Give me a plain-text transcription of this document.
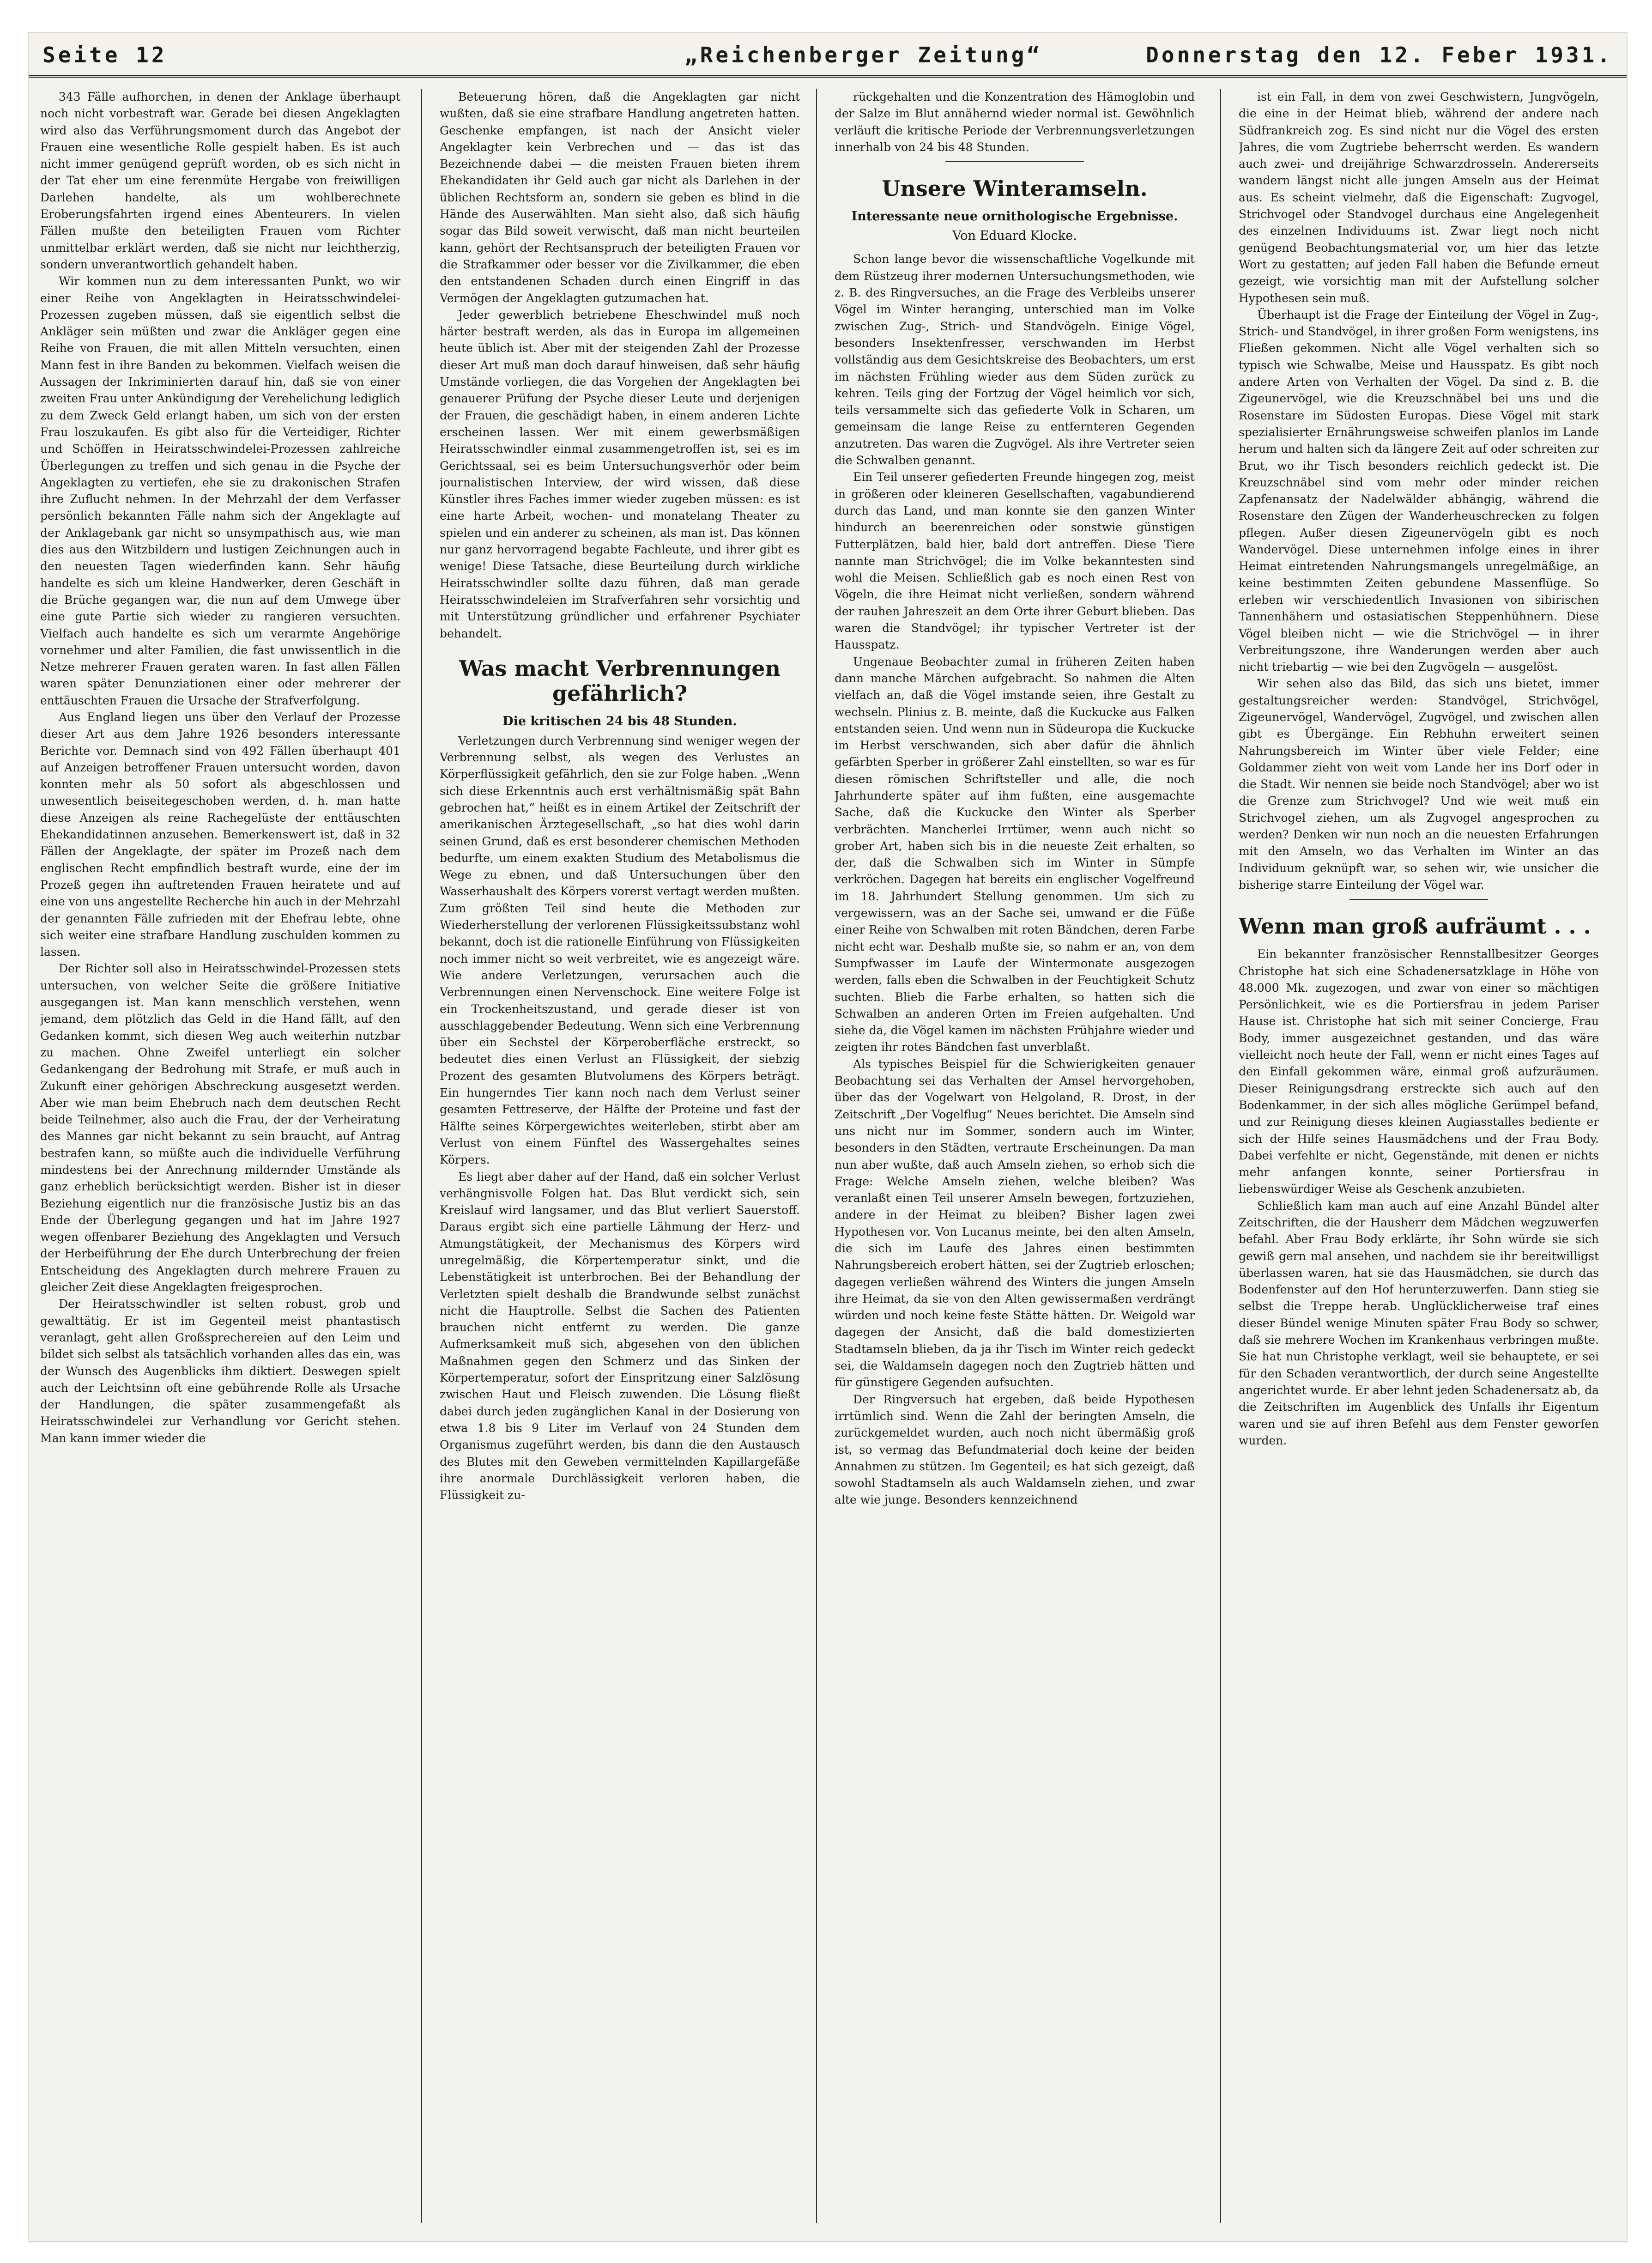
Seite 12	„Reichenberger Zeitung“	Donnerstag den 12. Feber 1931.

343 Fälle aufhorchen, in denen der Anklage überhaupt noch nicht vorbestraft war. Gerade bei diesen Angeklagten wird also das Verführungsmoment durch das Angebot der Frauen eine wesentliche Rolle gespielt haben. Es ist auch nicht immer genügend geprüft worden, ob es sich nicht in der Tat eher um eine ferenmüte Hergabe von freiwilligen Darlehen handelte, als um wohlberechnete Eroberungsfahrten irgend eines Abenteurers. In vielen Fällen mußte den beteiligten Frauen vom Richter unmittelbar erklärt werden, daß sie nicht nur leichtherzig, sondern unverantwortlich gehandelt haben.

Wir kommen nun zu dem interessanten Punkt, wo wir einer Reihe von Angeklagten in Heiratsschwindelei-Prozessen zugeben müssen, daß sie eigentlich selbst die Ankläger sein müßten und zwar die Ankläger gegen eine Reihe von Frauen, die mit allen Mitteln versuchten, einen Mann fest in ihre Banden zu bekommen. Vielfach weisen die Aussagen der Inkriminierten darauf hin, daß sie von einer zweiten Frau unter Ankündigung der Verehelichung lediglich zu dem Zweck Geld erlangt haben, um sich von der ersten Frau loszukaufen. Es gibt also für die Verteidiger, Richter und Schöffen in Heiratsschwindelei-Prozessen zahlreiche Überlegungen zu treffen und sich genau in die Psyche der Angeklagten zu vertiefen, ehe sie zu drakonischen Strafen ihre Zuflucht nehmen. In der Mehrzahl der dem Verfasser persönlich bekannten Fälle nahm sich der Angeklagte auf der Anklagebank gar nicht so unsympathisch aus, wie man dies aus den Witzbildern und lustigen Zeichnungen auch in den neuesten Tagen wiederfinden kann. Sehr häufig handelte es sich um kleine Handwerker, deren Geschäft in die Brüche gegangen war, die nun auf dem Umwege über eine gute Partie sich wieder zu rangieren versuchten. Vielfach auch handelte es sich um verarmte Angehörige vornehmer und alter Familien, die fast unwissentlich in die Netze mehrerer Frauen geraten waren. In fast allen Fällen waren später Denunziationen einer oder mehrerer der enttäuschten Frauen die Ursache der Strafverfolgung.

Aus England liegen uns über den Verlauf der Prozesse dieser Art aus dem Jahre 1926 besonders interessante Berichte vor. Demnach sind von 492 Fällen überhaupt 401 auf Anzeigen betroffener Frauen untersucht worden, davon konnten mehr als 50 sofort als abgeschlossen und unwesentlich beiseitegeschoben werden, d. h. man hatte diese Anzeigen als reine Rachegelüste der enttäuschten Ehekandidatinnen anzusehen. Bemerkenswert ist, daß in 32 Fällen der Angeklagte, der später im Prozeß nach dem englischen Recht empfindlich bestraft wurde, eine der im Prozeß gegen ihn auftretenden Frauen heiratete und auf eine von uns angestellte Recherche hin auch in der Mehrzahl der genannten Fälle zufrieden mit der Ehefrau lebte, ohne sich weiter eine strafbare Handlung zuschulden kommen zu lassen.

Der Richter soll also in Heiratsschwindel-Prozessen stets untersuchen, von welcher Seite die größere Initiative ausgegangen ist. Man kann menschlich verstehen, wenn jemand, dem plötzlich das Geld in die Hand fällt, auf den Gedanken kommt, sich diesen Weg auch weiterhin nutzbar zu machen. Ohne Zweifel unterliegt ein solcher Gedankengang der Bedrohung mit Strafe, er muß auch in Zukunft einer gehörigen Abschreckung ausgesetzt werden. Aber wie man beim Ehebruch nach dem deutschen Recht beide Teilnehmer, also auch die Frau, der der Verheiratung des Mannes gar nicht bekannt zu sein braucht, auf Antrag bestrafen kann, so müßte auch die individuelle Verführung mindestens bei der Anrechnung mildernder Umstände als ganz erheblich berücksichtigt werden. Bisher ist in dieser Beziehung eigentlich nur die französische Justiz bis an das Ende der Überlegung gegangen und hat im Jahre 1927 wegen offenbarer Beziehung des Angeklagten und Versuch der Herbeiführung der Ehe durch Unterbrechung der freien Entscheidung des Angeklagten durch mehrere Frauen zu gleicher Zeit diese Angeklagten freigesprochen.

Der Heiratsschwindler ist selten robust, grob und gewalttätig. Er ist im Gegenteil meist phantastisch veranlagt, geht allen Großsprechereien auf den Leim und bildet sich selbst als tatsächlich vorhanden alles das ein, was der Wunsch des Augenblicks ihm diktiert. Deswegen spielt auch der Leichtsinn oft eine gebührende Rolle als Ursache der Handlungen, die später zusammengefaßt als Heiratsschwindelei zur Verhandlung vor Gericht stehen. Man kann immer wieder die

Beteuerung hören, daß die Angeklagten gar nicht wußten, daß sie eine strafbare Handlung angetreten hatten. Geschenke empfangen, ist nach der Ansicht vieler Angeklagter kein Verbrechen und — das ist das Bezeichnende dabei — die meisten Frauen bieten ihrem Ehekandidaten ihr Geld auch gar nicht als Darlehen in der üblichen Rechtsform an, sondern sie geben es blind in die Hände des Auserwählten. Man sieht also, daß sich häufig sogar das Bild soweit verwischt, daß man nicht beurteilen kann, gehört der Rechtsanspruch der beteiligten Frauen vor die Strafkammer oder besser vor die Zivilkammer, die eben den entstandenen Schaden durch einen Eingriff in das Vermögen der Angeklagten gutzumachen hat.

Jeder gewerblich betriebene Eheschwindel muß noch härter bestraft werden, als das in Europa im allgemeinen heute üblich ist. Aber mit der steigenden Zahl der Prozesse dieser Art muß man doch darauf hinweisen, daß sehr häufig Umstände vorliegen, die das Vorgehen der Angeklagten bei genauerer Prüfung der Psyche dieser Leute und derjenigen der Frauen, die geschädigt haben, in einem anderen Lichte erscheinen lassen. Wer mit einem gewerbsmäßigen Heiratsschwindler einmal zusammengetroffen ist, sei es im Gerichtssaal, sei es beim Untersuchungsverhör oder beim journalistischen Interview, der wird wissen, daß diese Künstler ihres Faches immer wieder zugeben müssen: es ist eine harte Arbeit, wochen- und monatelang Theater zu spielen und ein anderer zu scheinen, als man ist. Das können nur ganz hervorragend begabte Fachleute, und ihrer gibt es wenige! Diese Tatsache, diese Beurteilung durch wirkliche Heiratsschwindler sollte dazu führen, daß man gerade Heiratsschwindeleien im Strafverfahren sehr vorsichtig und mit Unterstützung gründlicher und erfahrener Psychiater behandelt.

Was macht Verbrennungen gefährlich?
Die kritischen 24 bis 48 Stunden.

Verletzungen durch Verbrennung sind weniger wegen der Verbrennung selbst, als wegen des Verlustes an Körperflüssigkeit gefährlich, den sie zur Folge haben. „Wenn sich diese Erkenntnis auch erst verhältnismäßig spät Bahn gebrochen hat,“ heißt es in einem Artikel der Zeitschrift der amerikanischen Ärztegesellschaft, „so hat dies wohl darin seinen Grund, daß es erst besonderer chemischen Methoden bedurfte, um einem exakten Studium des Metabolismus die Wege zu ebnen, und daß Untersuchungen über den Wasserhaushalt des Körpers vorerst vertagt werden mußten. Zum größten Teil sind heute die Methoden zur Wiederherstellung der verlorenen Flüssigkeitssubstanz wohl bekannt, doch ist die rationelle Einführung von Flüssigkeiten noch immer nicht so weit verbreitet, wie es angezeigt wäre. Wie andere Verletzungen, verursachen auch die Verbrennungen einen Nervenschock. Eine weitere Folge ist ein Trockenheitszustand, und gerade dieser ist von ausschlaggebender Bedeutung. Wenn sich eine Verbrennung über ein Sechstel der Körperoberfläche erstreckt, so bedeutet dies einen Verlust an Flüssigkeit, der siebzig Prozent des gesamten Blutvolumens des Körpers beträgt. Ein hungerndes Tier kann noch nach dem Verlust seiner gesamten Fettreserve, der Hälfte der Proteine und fast der Hälfte seines Körpergewichtes weiterleben, stirbt aber am Verlust von einem Fünftel des Wassergehaltes seines Körpers.

Es liegt aber daher auf der Hand, daß ein solcher Verlust verhängnisvolle Folgen hat. Das Blut verdickt sich, sein Kreislauf wird langsamer, und das Blut verliert Sauerstoff. Daraus ergibt sich eine partielle Lähmung der Herz- und Atmungstätigkeit, der Mechanismus des Körpers wird unregelmäßig, die Körpertemperatur sinkt, und die Lebenstätigkeit ist unterbrochen. Bei der Behandlung der Verletzten spielt deshalb die Brandwunde selbst zunächst nicht die Hauptrolle. Selbst die Sachen des Patienten brauchen nicht entfernt zu werden. Die ganze Aufmerksamkeit muß sich, abgesehen von den üblichen Maßnahmen gegen den Schmerz und das Sinken der Körpertemperatur, sofort der Einspritzung einer Salzlösung zwischen Haut und Fleisch zuwenden. Die Lösung fließt dabei durch jeden zugänglichen Kanal in der Dosierung von etwa 1.8 bis 9 Liter im Verlauf von 24 Stunden dem Organismus zugeführt werden, bis dann die den Austausch des Blutes mit den Geweben vermittelnden Kapillargefäße ihre anormale Durchlässigkeit verloren haben, die Flüssigkeit zu-

rückgehalten und die Konzentration des Hämoglobin und der Salze im Blut annähernd wieder normal ist. Gewöhnlich verläuft die kritische Periode der Verbrennungsverletzungen innerhalb von 24 bis 48 Stunden.

Unsere Winteramseln.
Interessante neue ornithologische Ergebnisse.
Von Eduard Klocke.

Schon lange bevor die wissenschaftliche Vogelkunde mit dem Rüstzeug ihrer modernen Untersuchungsmethoden, wie z. B. des Ringversuches, an die Frage des Verbleibs unserer Vögel im Winter heranging, unterschied man im Volke zwischen Zug-, Strich- und Standvögeln. Einige Vögel, besonders Insektenfresser, verschwanden im Herbst vollständig aus dem Gesichtskreise des Beobachters, um erst im nächsten Frühling wieder aus dem Süden zurück zu kehren. Teils ging der Fortzug der Vögel heimlich vor sich, teils versammelte sich das gefiederte Volk in Scharen, um gemeinsam die lange Reise zu entfernteren Gegenden anzutreten. Das waren die Zugvögel. Als ihre Vertreter seien die Schwalben genannt.

Ein Teil unserer gefiederten Freunde hingegen zog, meist in größeren oder kleineren Gesellschaften, vagabundierend durch das Land, und man konnte sie den ganzen Winter hindurch an beerenreichen oder sonstwie günstigen Futterplätzen, bald hier, bald dort antreffen. Diese Tiere nannte man Strichvögel; die im Volke bekanntesten sind wohl die Meisen. Schließlich gab es noch einen Rest von Vögeln, die ihre Heimat nicht verließen, sondern während der rauhen Jahreszeit an dem Orte ihrer Geburt blieben. Das waren die Standvögel; ihr typischer Vertreter ist der Hausspatz.

Ungenaue Beobachter zumal in früheren Zeiten haben dann manche Märchen aufgebracht. So nahmen die Alten vielfach an, daß die Vögel imstande seien, ihre Gestalt zu wechseln. Plinius z. B. meinte, daß die Kuckucke aus Falken entstanden seien. Und wenn nun in Südeuropa die Kuckucke im Herbst verschwanden, sich aber dafür die ähnlich gefärbten Sperber in größerer Zahl einstellten, so war es für diesen römischen Schriftsteller und alle, die noch Jahrhunderte später auf ihm fußten, eine ausgemachte Sache, daß die Kuckucke den Winter als Sperber verbrächten. Mancherlei Irrtümer, wenn auch nicht so grober Art, haben sich bis in die neueste Zeit erhalten, so der, daß die Schwalben sich im Winter in Sümpfe verkröchen. Dagegen hat bereits ein englischer Vogelfreund im 18. Jahrhundert Stellung genommen. Um sich zu vergewissern, was an der Sache sei, umwand er die Füße einer Reihe von Schwalben mit roten Bändchen, deren Farbe nicht echt war. Deshalb mußte sie, so nahm er an, von dem Sumpfwasser im Laufe der Wintermonate ausgezogen werden, falls eben die Schwalben in der Feuchtigkeit Schutz suchten. Blieb die Farbe erhalten, so hatten sich die Schwalben an anderen Orten im Freien aufgehalten. Und siehe da, die Vögel kamen im nächsten Frühjahre wieder und zeigten ihr rotes Bändchen fast unverblaßt.

Als typisches Beispiel für die Schwierigkeiten genauer Beobachtung sei das Verhalten der Amsel hervorgehoben, über das der Vogelwart von Helgoland, R. Drost, in der Zeitschrift „Der Vogelflug“ Neues berichtet. Die Amseln sind uns nicht nur im Sommer, sondern auch im Winter, besonders in den Städten, vertraute Erscheinungen. Da man nun aber wußte, daß auch Amseln ziehen, so erhob sich die Frage: Welche Amseln ziehen, welche bleiben? Was veranlaßt einen Teil unserer Amseln bewegen, fortzuziehen, andere in der Heimat zu bleiben? Bisher lagen zwei Hypothesen vor. Von Lucanus meinte, bei den alten Amseln, die sich im Laufe des Jahres einen bestimmten Nahrungsbereich erobert hätten, sei der Zugtrieb erloschen; dagegen verließen während des Winters die jungen Amseln ihre Heimat, da sie von den Alten gewissermaßen verdrängt würden und noch keine feste Stätte hätten. Dr. Weigold war dagegen der Ansicht, daß die bald domestizierten Stadtamseln blieben, da ja ihr Tisch im Winter reich gedeckt sei, die Waldamseln dagegen noch den Zugtrieb hätten und für günstigere Gegenden aufsuchten.

Der Ringversuch hat ergeben, daß beide Hypothesen irrtümlich sind. Wenn die Zahl der beringten Amseln, die zurückgemeldet wurden, auch noch nicht übermäßig groß ist, so vermag das Befundmaterial doch keine der beiden Annahmen zu stützen. Im Gegenteil; es hat sich gezeigt, daß sowohl Stadtamseln als auch Waldamseln ziehen, und zwar alte wie junge. Besonders kennzeichnend

ist ein Fall, in dem von zwei Geschwistern, Jungvögeln, die eine in der Heimat blieb, während der andere nach Südfrankreich zog. Es sind nicht nur die Vögel des ersten Jahres, die vom Zugtriebe beherrscht werden. Es wandern auch zwei- und dreijährige Schwarzdrosseln. Andererseits wandern längst nicht alle jungen Amseln aus der Heimat aus. Es scheint vielmehr, daß die Eigenschaft: Zugvogel, Strichvogel oder Standvogel durchaus eine Angelegenheit des einzelnen Individuums ist. Zwar liegt noch nicht genügend Beobachtungsmaterial vor, um hier das letzte Wort zu gestatten; auf jeden Fall haben die Befunde erneut gezeigt, wie vorsichtig man mit der Aufstellung solcher Hypothesen sein muß.

Überhaupt ist die Frage der Einteilung der Vögel in Zug-, Strich- und Standvögel, in ihrer großen Form wenigstens, ins Fließen gekommen. Nicht alle Vögel verhalten sich so typisch wie Schwalbe, Meise und Hausspatz. Es gibt noch andere Arten von Verhalten der Vögel. Da sind z. B. die Zigeunervögel, wie die Kreuzschnäbel bei uns und die Rosenstare im Südosten Europas. Diese Vögel mit stark spezialisierter Ernährungsweise schweifen planlos im Lande herum und halten sich da längere Zeit auf oder schreiten zur Brut, wo ihr Tisch besonders reichlich gedeckt ist. Die Kreuzschnäbel sind vom mehr oder minder reichen Zapfenansatz der Nadelwälder abhängig, während die Rosenstare den Zügen der Wanderheuschrecken zu folgen pflegen. Außer diesen Zigeunervögeln gibt es noch Wandervögel. Diese unternehmen infolge eines in ihrer Heimat eintretenden Nahrungsmangels unregelmäßige, an keine bestimmten Zeiten gebundene Massenflüge. So erleben wir verschiedentlich Invasionen von sibirischen Tannenhähern und ostasiatischen Steppenhühnern. Diese Vögel bleiben nicht — wie die Strichvögel — in ihrer Verbreitungszone, ihre Wanderungen werden aber auch nicht triebartig — wie bei den Zugvögeln — ausgelöst.

Wir sehen also das Bild, das sich uns bietet, immer gestaltungsreicher werden: Standvögel, Strichvögel, Zigeunervögel, Wandervögel, Zugvögel, und zwischen allen gibt es Übergänge. Ein Rebhuhn erweitert seinen Nahrungsbereich im Winter über viele Felder; eine Goldammer zieht von weit vom Lande her ins Dorf oder in die Stadt. Wir nennen sie beide noch Standvögel; aber wo ist die Grenze zum Strichvogel? Und wie weit muß ein Strichvogel ziehen, um als Zugvogel angesprochen zu werden? Denken wir nun noch an die neuesten Erfahrungen mit den Amseln, wo das Verhalten im Winter an das Individuum geknüpft war, so sehen wir, wie unsicher die bisherige starre Einteilung der Vögel war.

Wenn man groß aufräumt . . .

Ein bekannter französischer Rennstallbesitzer Georges Christophe hat sich eine Schadenersatzklage in Höhe von 48.000 Mk. zugezogen, und zwar von einer so mächtigen Persönlichkeit, wie es die Portiersfrau in jedem Pariser Hause ist. Christophe hat sich mit seiner Concierge, Frau Body, immer ausgezeichnet gestanden, und das wäre vielleicht noch heute der Fall, wenn er nicht eines Tages auf den Einfall gekommen wäre, einmal groß aufzuräumen. Dieser Reinigungsdrang erstreckte sich auch auf den Bodenkammer, in der sich alles mögliche Gerümpel befand, und zur Reinigung dieses kleinen Augiasstalles bediente er sich der Hilfe seines Hausmädchens und der Frau Body. Dabei verfehlte er nicht, Gegenstände, mit denen er nichts mehr anfangen konnte, seiner Portiersfrau in liebenswürdiger Weise als Geschenk anzubieten.

Schließlich kam man auch auf eine Anzahl Bündel alter Zeitschriften, die der Hausherr dem Mädchen wegzuwerfen befahl. Aber Frau Body erklärte, ihr Sohn würde sie sich gewiß gern mal ansehen, und nachdem sie ihr bereitwilligst überlassen waren, hat sie das Hausmädchen, sie durch das Bodenfenster auf den Hof herunterzuwerfen. Dann stieg sie selbst die Treppe herab. Unglücklicherweise traf eines dieser Bündel wenige Minuten später Frau Body so schwer, daß sie mehrere Wochen im Krankenhaus verbringen mußte. Sie hat nun Christophe verklagt, weil sie behauptete, er sei für den Schaden verantwortlich, der durch seine Angestellte angerichtet wurde. Er aber lehnt jeden Schadenersatz ab, da die Zeitschriften im Augenblick des Unfalls ihr Eigentum waren und sie auf ihren Befehl aus dem Fenster geworfen wurden.
